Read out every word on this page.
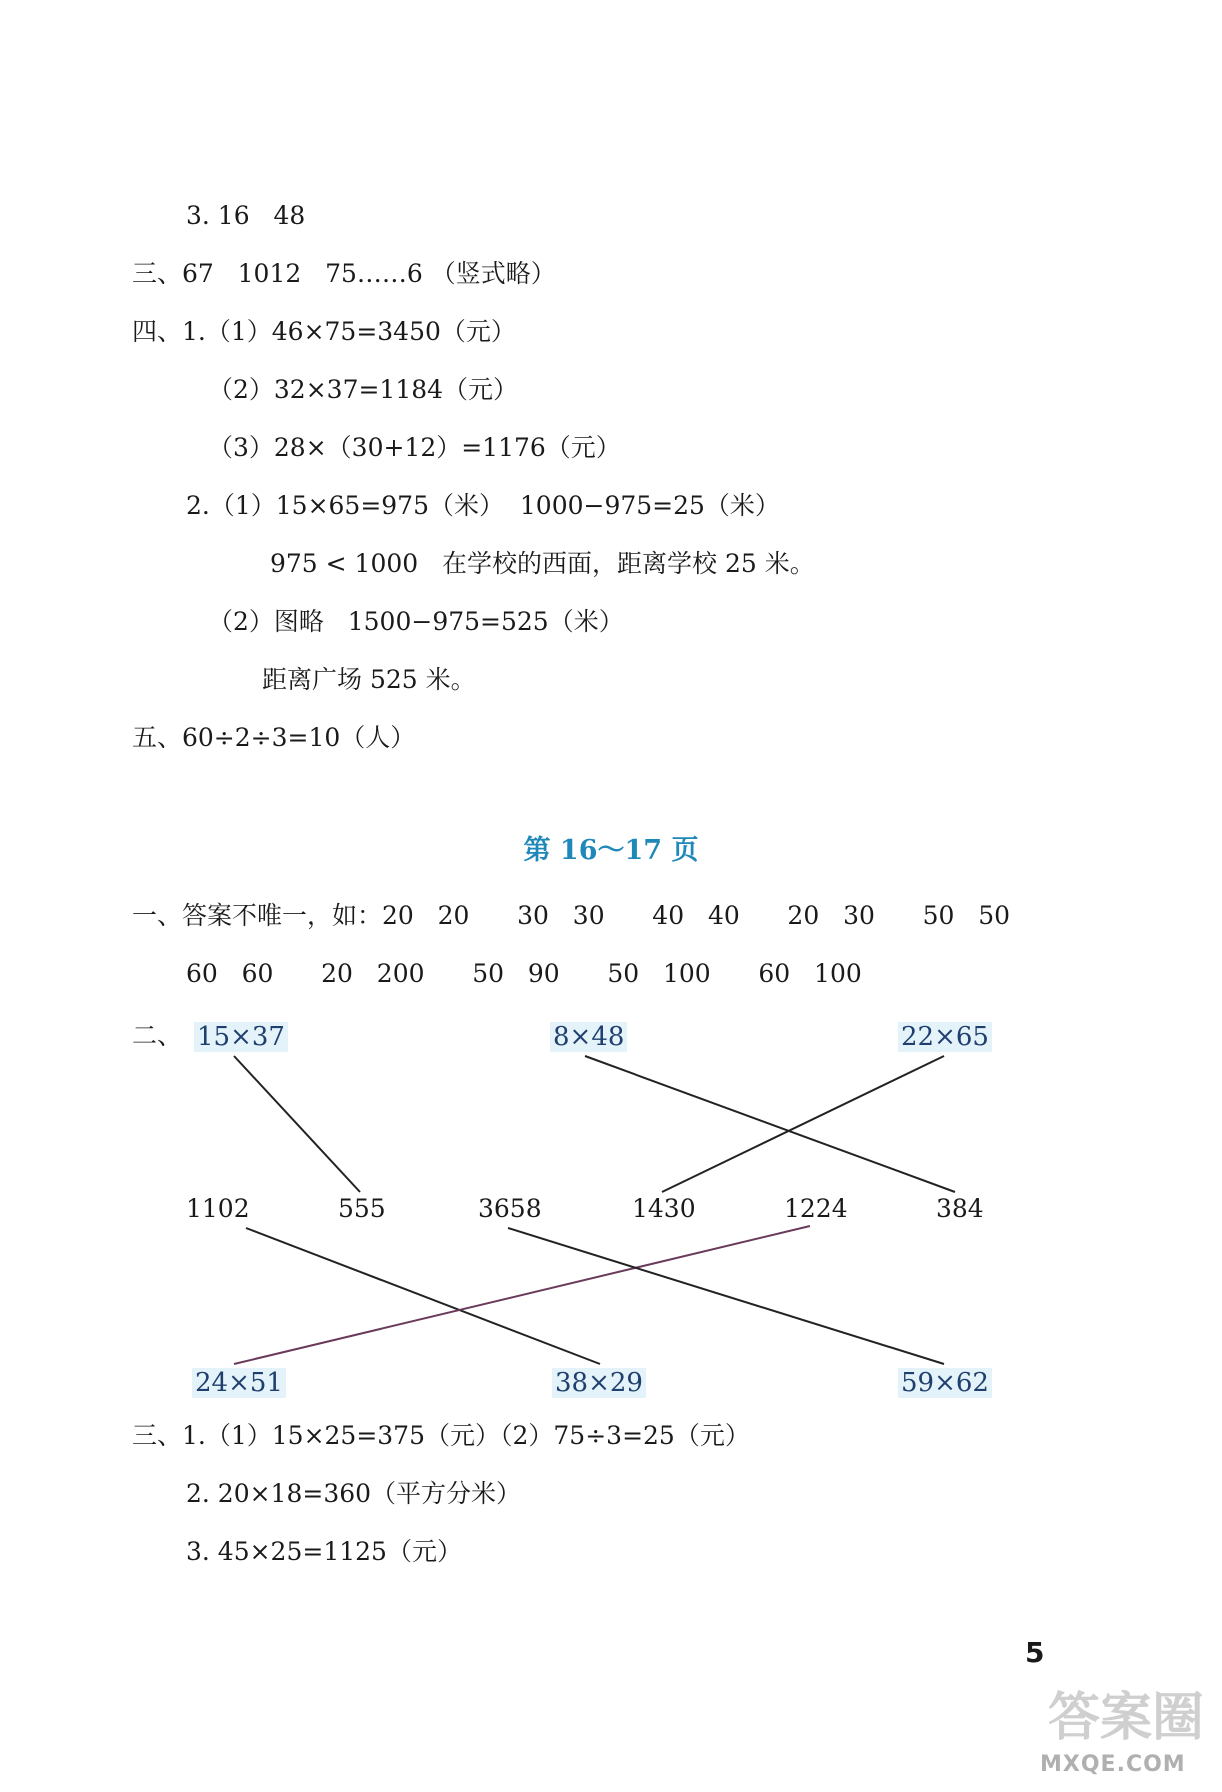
3. 16   48
三、67   1012   75……6 （竖式略）
四、1.（1）46×75=3450（元）
（2）32×37=1184（元）
（3）28×（30+12）=1176（元）
2.（1）15×65=975（米）  1000−975=25（米）
975 < 1000   在学校的西面，距离学校 25 米。
（2）图略   1500−975=525（米）
距离广场 525 米。
五、60÷2÷3=10（人）
第 16～17 页
一、答案不唯一，如：20   20      30   30      40   40      20   30      50   50
60   60      20   200      50   90      50   100      60   100
二、 15×37	8×48	22×65
1102	555	3658	1430	1224	384
24×51	38×29	59×62
三、1.（1）15×25=375（元）（2）75÷3=25（元）
2. 20×18=360（平方分米）
3. 45×25=1125（元）
5
答案圈
MXQE.COM
